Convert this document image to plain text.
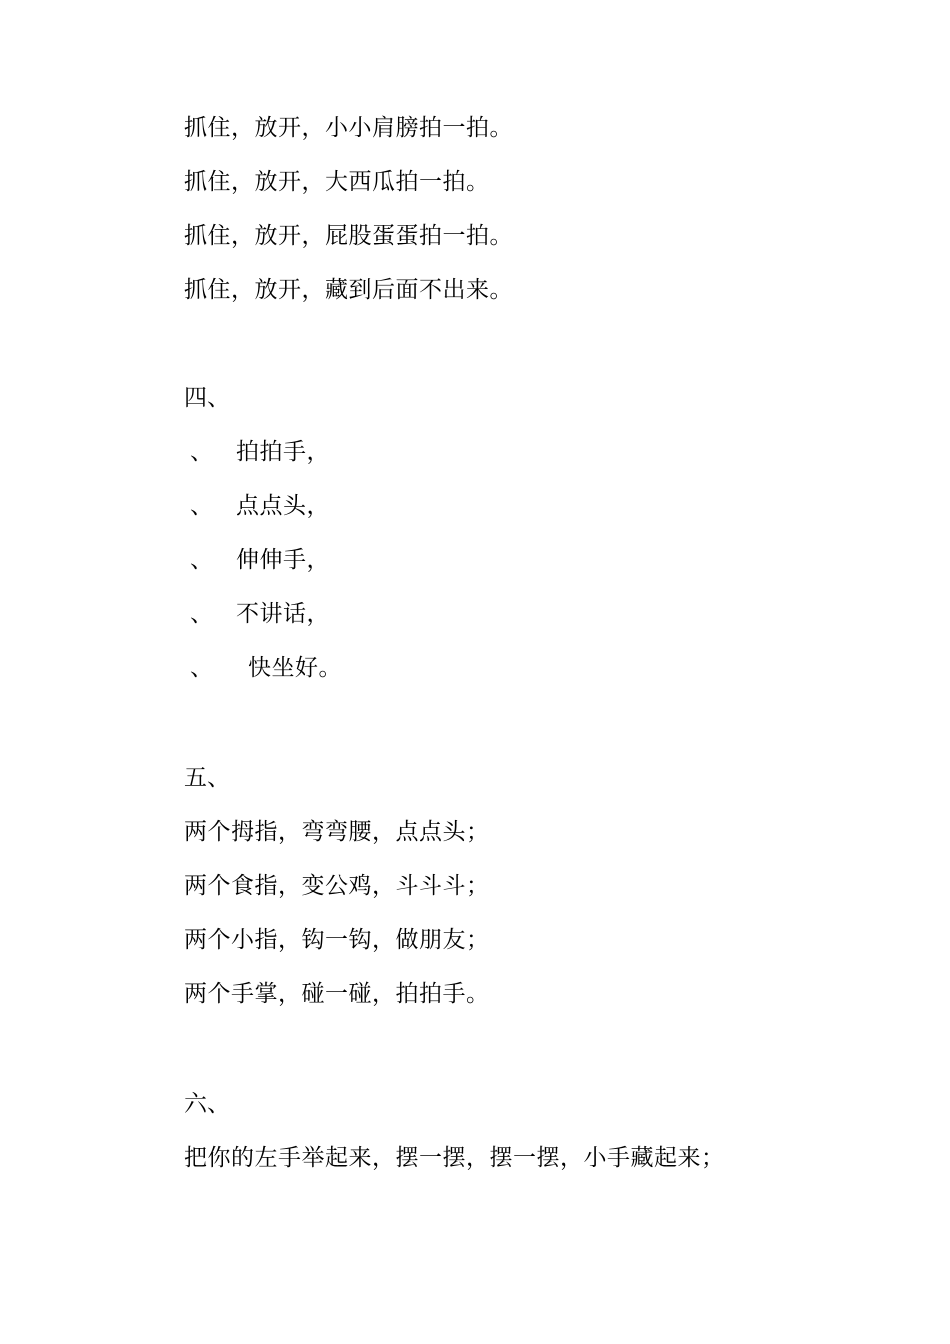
抓住，放开，小小肩膀拍一拍。
抓住，放开，大西瓜拍一拍。
抓住，放开，屁股蛋蛋拍一拍。
抓住，放开，藏到后面不出来。
四、
、 拍拍手，
、 点点头，
、 伸伸手，
、 不讲话，
、 快坐好。
五、
两个拇指，弯弯腰，点点头；
两个食指，变公鸡，斗斗斗；
两个小指，钩一钩，做朋友；
两个手掌，碰一碰，拍拍手。
六、
把你的左手举起来，摆一摆，摆一摆，小手藏起来；
